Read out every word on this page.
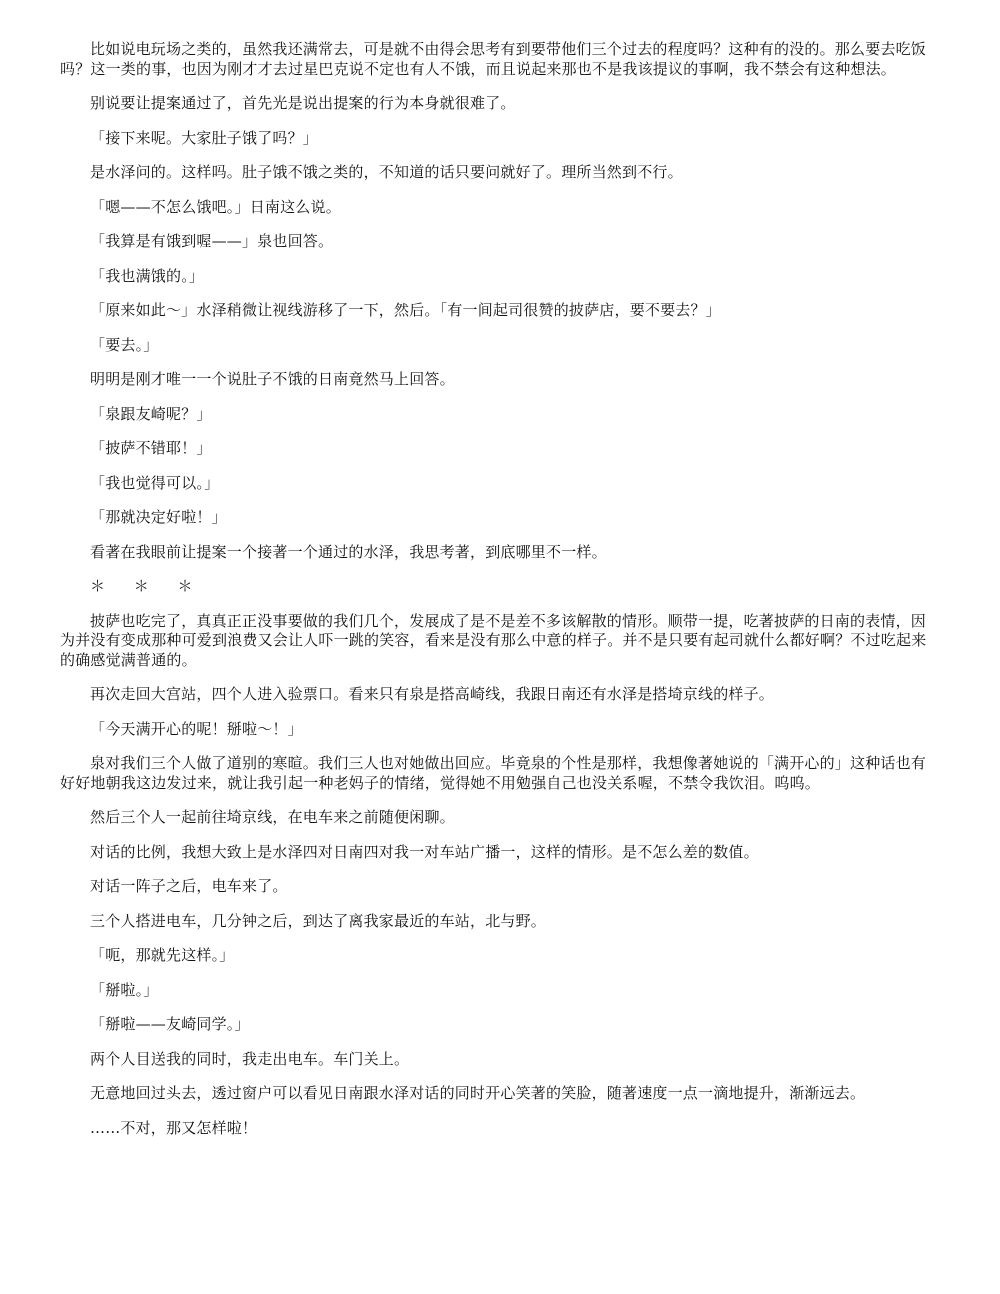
比如说电玩场之类的，虽然我还满常去，可是就不由得会思考有到要带他们三个过去的程度吗？这种有的没的。那么要去吃饭吗？这一类的事，也因为刚才才去过星巴克说不定也有人不饿，而且说起来那也不是我该提议的事啊，我不禁会有这种想法。

别说要让提案通过了，首先光是说出提案的行为本身就很难了。

「接下来呢。大家肚子饿了吗？」

是水泽问的。这样吗。肚子饿不饿之类的，不知道的话只要问就好了。理所当然到不行。

「嗯——不怎么饿吧。」日南这么说。

「我算是有饿到喔——」泉也回答。

「我也满饿的。」

「原来如此～」水泽稍微让视线游移了一下，然后。「有一间起司很赞的披萨店，要不要去？」

「要去。」

明明是刚才唯一一个说肚子不饿的日南竟然马上回答。

「泉跟友崎呢？」

「披萨不错耶！」

「我也觉得可以。」

「那就决定好啦！」

看著在我眼前让提案一个接著一个通过的水泽，我思考著，到底哪里不一样。

＊ ＊ ＊

披萨也吃完了，真真正正没事要做的我们几个，发展成了是不是差不多该解散的情形。顺带一提，吃著披萨的日南的表情，因为并没有变成那种可爱到浪费又会让人吓一跳的笑容，看来是没有那么中意的样子。并不是只要有起司就什么都好啊？不过吃起来的确感觉满普通的。

再次走回大宫站，四个人进入验票口。看来只有泉是搭高崎线，我跟日南还有水泽是搭埼京线的样子。

「今天满开心的呢！掰啦～！」

泉对我们三个人做了道别的寒暄。我们三人也对她做出回应。毕竟泉的个性是那样，我想像著她说的「满开心的」这种话也有好好地朝我这边发过来，就让我引起一种老妈子的情绪，觉得她不用勉强自己也没关系喔，不禁令我饮泪。呜呜。

然后三个人一起前往埼京线，在电车来之前随便闲聊。

对话的比例，我想大致上是水泽四对日南四对我一对车站广播一，这样的情形。是不怎么差的数值。

对话一阵子之后，电车来了。

三个人搭进电车，几分钟之后，到达了离我家最近的车站，北与野。

「呃，那就先这样。」

「掰啦。」

「掰啦——友崎同学。」

两个人目送我的同时，我走出电车。车门关上。

无意地回过头去，透过窗户可以看见日南跟水泽对话的同时开心笑著的笑脸，随著速度一点一滴地提升，渐渐远去。

……不对，那又怎样啦！
